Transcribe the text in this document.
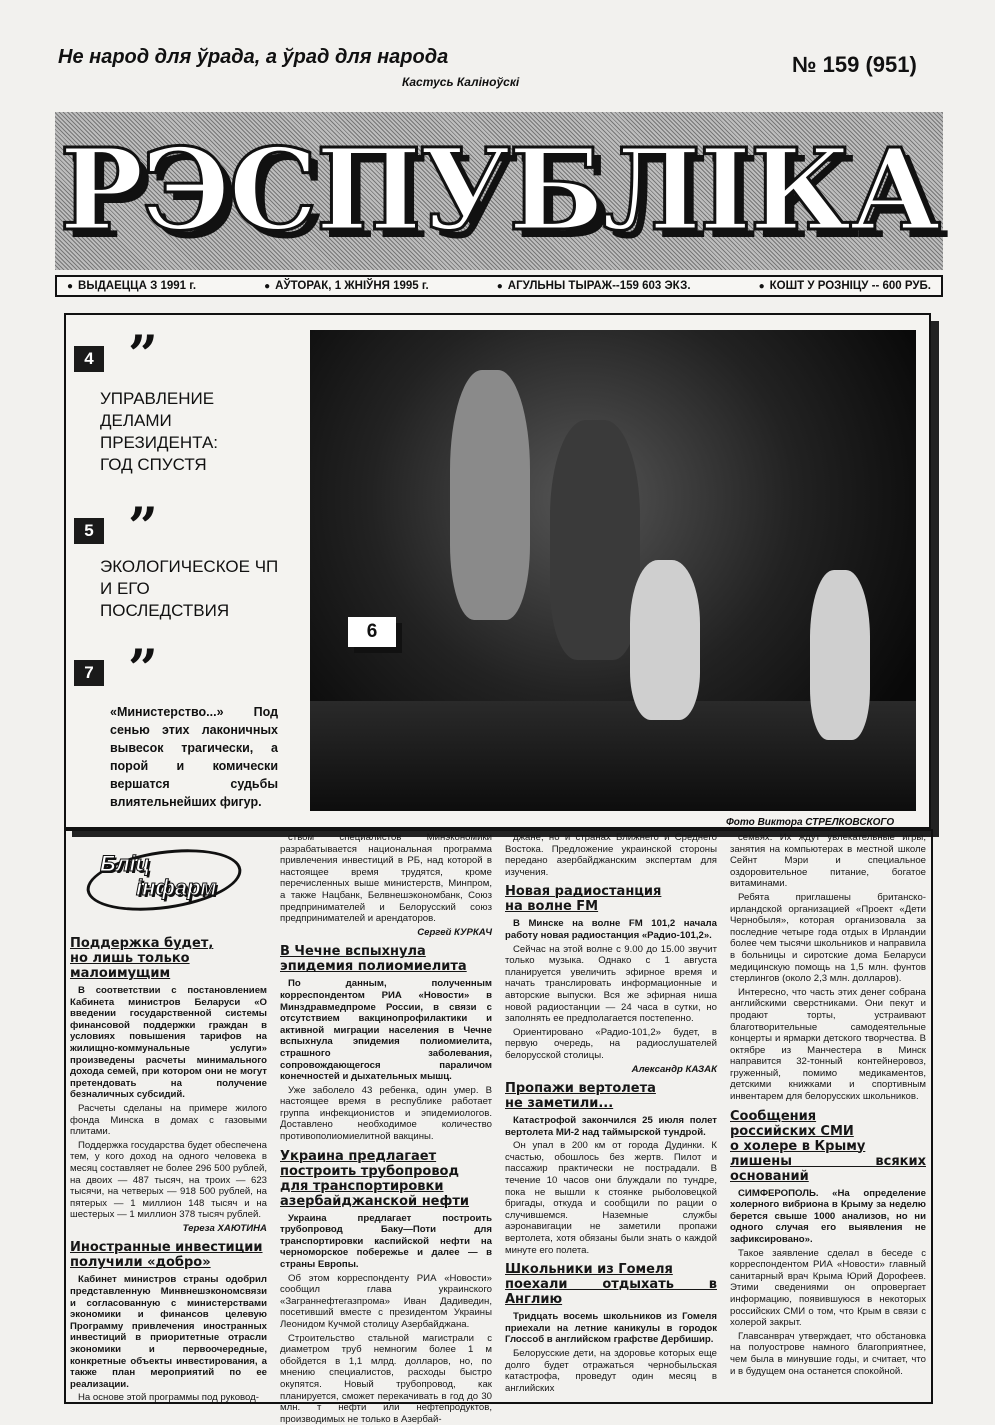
Не народ для ўрада, а ўрад для народа
Кастусь Каліноўскі
№ 159 (951)
РЭСПУБЛІКА
● ВЫДАЕЦЦА З 1991 г.	● АЎТОРАК, 1 ЖНІЎНЯ 1995 г.	● АГУЛЬНЫ ТЫРАЖ--159 603 ЭКЗ.	● КОШТ У РОЗНІЦУ -- 600 РУБ.
4 ”
УПРАВЛЕНИЕ
ДЕЛАМИ
ПРЕЗИДЕНТА:
ГОД СПУСТЯ
5 ”
ЭКОЛОГИЧЕСКОЕ ЧП
И ЕГО
ПОСЛЕДСТВИЯ
7 ”
«Министерство...» Под сенью этих лаконичных вывесок трагически, а порой и комически вершатся судьбы влиятельнейших фигур.
6
Фото Виктора СТРЕЛКОВСКОГО
Бліц
інфарм
Поддержка будет,
но лишь только
малоимущим

В соответствии с постановлением Кабинета министров Беларуси «О введении государственной системы финансовой поддержки граждан в условиях повышения тарифов на жилищно-коммунальные услуги» произведены расчеты минимального дохода семей, при котором они не могут претендовать на получение безналичных субсидий.

Расчеты сделаны на примере жилого фонда Минска в домах с газовыми плитами.

Поддержка государства будет обеспечена тем, у кого доход на одного человека в месяц составляет не более 296 500 рублей, на двоих — 487 тысяч, на троих — 623 тысячи, на четверых — 918 500 рублей, на пятерых — 1 миллион 148 тысяч и на шестерых — 1 миллион 378 тысяч рублей.

Тереза ХАЮТИНА

Иностранные инвестиции
получили «добро»

Кабинет министров страны одобрил представленную Минвнешэкономсвязи и согласованную с министерствами экономики и финансов целевую Программу привлечения иностранных инвестиций в приоритетные отрасли экономики и первоочередные, конкретные объекты инвестирования, а также план мероприятий по ее реализации.

На основе этой программы под руковод-

ством специалистов Минэкономики разрабатывается национальная программа привлечения инвестиций в РБ, над которой в настоящее время трудятся, кроме перечисленных выше министерств, Минпром, а также Нацбанк, Белвнешэкономбанк, Союз предпринимателей и Белорусский союз предпринимателей и арендаторов.

Сергей КУРКАЧ

В Чечне вспыхнула
эпидемия полиомиелита

По данным, полученным корреспондентом РИА «Новости» в Минздравмедпроме России, в связи с отсутствием вакцинопрофилактики и активной миграции населения в Чечне вспыхнула эпидемия полиомиелита, страшного заболевания, сопровождающегося параличом конечностей и дыхательных мышц.

Уже заболело 43 ребенка, один умер. В настоящее время в республике работает группа инфекционистов и эпидемиологов. Доставлено необходимое количество противополиомиелитной вакцины.

Украина предлагает
построить трубопровод
для транспортировки
азербайджанской нефти

Украина предлагает построить трубопровод Баку—Поти для транспортировки каспийской нефти на черноморское побережье и далее — в страны Европы.

Об этом корреспонденту РИА «Новости» сообщил глава украинского «Заграннефтегазпрома» Иван Дадиведин, посетивший вместе с президентом Украины Леонидом Кучмой столицу Азербайджана.

Строительство стальной магистрали с диаметром труб немногим более 1 м обойдется в 1,1 млрд. долларов, но, по мнению специалистов, расходы быстро окупятся. Новый трубопровод, как планируется, сможет перекачивать в год до 30 млн. т нефти или нефтепродуктов, производимых не только в Азербай-

джане, но и странах Ближнего и Среднего Востока. Предложение украинской стороны передано азербайджанским экспертам для изучения.

Новая радиостанция
на волне FM

В Минске на волне FM 101,2 начала работу новая радиостанция «Радио-101,2».

Сейчас на этой волне с 9.00 до 15.00 звучит только музыка. Однако с 1 августа планируется увеличить эфирное время и начать транслировать информационные и авторские выпуски. Вся же эфирная ниша новой радиостанции — 24 часа в сутки, но заполнять ее предполагается постепенно.

Ориентировано «Радио-101,2» будет, в первую очередь, на радиослушателей белорусской столицы.

Александр КАЗАК

Пропажи вертолета
не заметили...

Катастрофой закончился 25 июля полет вертолета МИ-2 над таймырской тундрой.

Он упал в 200 км от города Дудинки. К счастью, обошлось без жертв. Пилот и пассажир практически не пострадали. В течение 10 часов они блуждали по тундре, пока не вышли к стоянке рыболовецкой бригады, откуда и сообщили по рации о случившемся. Наземные службы аэронавигации не заметили пропажи вертолета, хотя обязаны были знать о каждой минуте его полета.

Школьники из Гомеля
поехали отдыхать в Англию

Тридцать восемь школьников из Гомеля приехали на летние каникулы в городок Глоссоб в английском графстве Дербишир.

Белорусские дети, на здоровье которых еще долго будет отражаться чернобыльская катастрофа, проведут один месяц в английских

семьях. Их ждут увлекательные игры, занятия на компьютерах в местной школе Сейнт Мэри и специальное оздоровительное питание, богатое витаминами.

Ребята приглашены британско-ирландской организацией «Проект «Дети Чернобыля», которая организовала за последние четыре года отдых в Ирландии более чем тысячи школьников и направила в больницы и сиротские дома Беларуси медицинскую помощь на 1,5 млн. фунтов стерлингов (около 2,3 млн. долларов).

Интересно, что часть этих денег собрана английскими сверстниками. Они пекут и продают торты, устраивают благотворительные самодеятельные концерты и ярмарки детского творчества. В октябре из Манчестера в Минск направится 32-тонный контейнеровоз, груженный, помимо медикаментов, детскими книжками и спортивным инвентарем для белорусских школьников.

Сообщения
российских СМИ
о холере в Крыму
лишены всяких оснований

СИМФЕРОПОЛЬ. «На определение холерного вибриона в Крыму за неделю берется свыше 1000 анализов, но ни одного случая его выявления не зафиксировано».

Такое заявление сделал в беседе с корреспондентом РИА «Новости» главный санитарный врач Крыма Юрий Дорофеев. Этими сведениями он опровергает информацию, появившуюся в некоторых российских СМИ о том, что Крым в связи с холерой закрыт.

Главсанврач утверждает, что обстановка на полуострове намного благоприятнее, чем была в минувшие годы, и считает, что и в будущем она останется спокойной.
